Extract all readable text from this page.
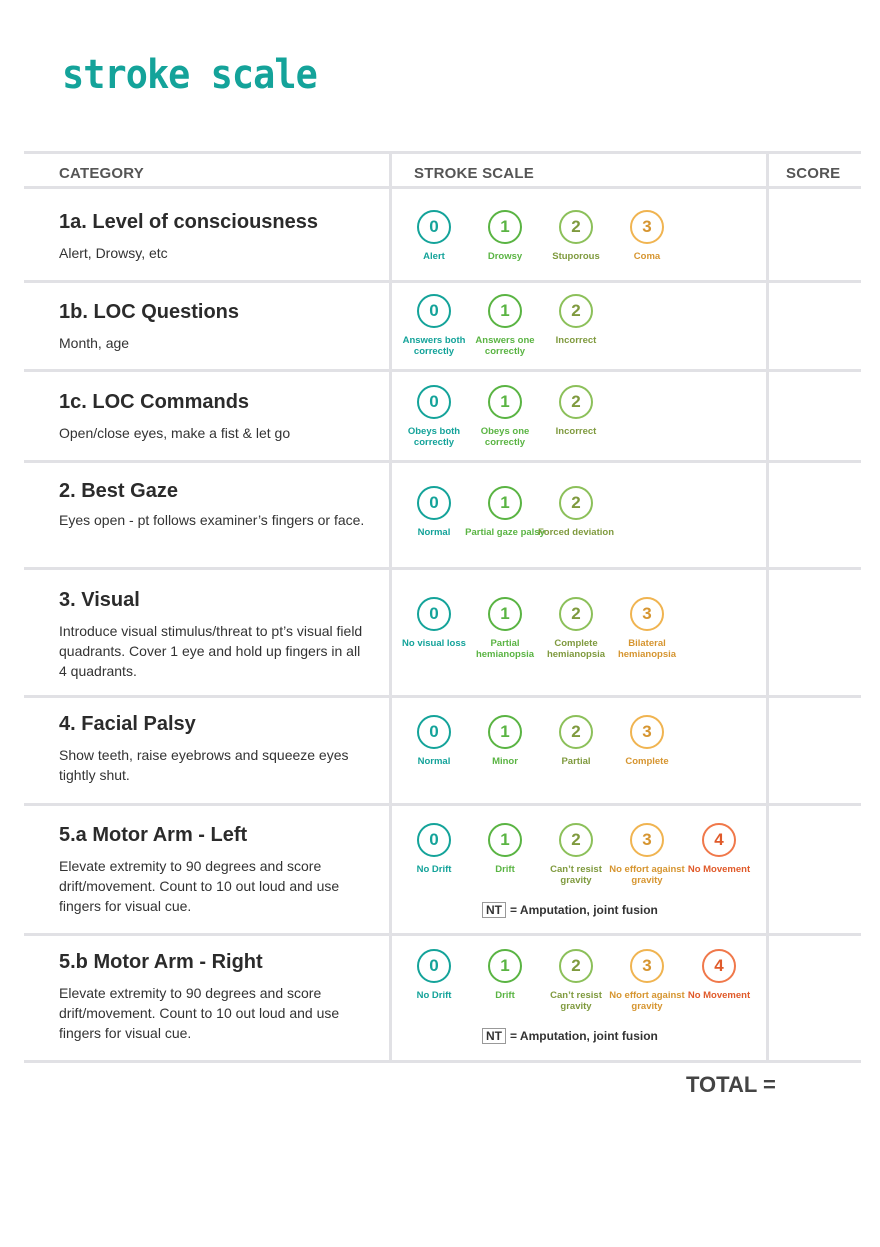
stroke scale
CATEGORY	STROKE SCALE	SCORE
1a. Level of consciousness
Alert, Drowsy, etc
0
Alert
1
Drowsy
2
Stuporous
3
Coma
1b. LOC Questions
Month, age
0
Answers both correctly
1
Answers one correctly
2
Incorrect
1c. LOC Commands
Open/close eyes, make a fist & let go
0
Obeys both correctly
1
Obeys one correctly
2
Incorrect
2. Best Gaze
Eyes open - pt follows examiner’s fingers or face.
0
Normal
1
Partial gaze palsy
2
Forced deviation
3. Visual
Introduce visual stimulus/threat to pt’s visual field quadrants. Cover 1 eye and hold up fingers in all 4 quadrants.
0
No visual loss
1
Partial hemianopsia
2
Complete hemianopsia
3
Bilateral hemianopsia
4. Facial Palsy
Show teeth, raise eyebrows and squeeze eyes tightly shut.
0
Normal
1
Minor
2
Partial
3
Complete
5.a Motor Arm - Left
Elevate extremity to 90 degrees and score drift/movement. Count to 10 out loud and use fingers for visual cue.
0
No Drift
1
Drift
2
Can’t resist gravity
3
No effort against gravity
4
No Movement
NT = Amputation, joint fusion
5.b Motor Arm - Right
Elevate extremity to 90 degrees and score drift/movement. Count to 10 out loud and use fingers for visual cue.
0
No Drift
1
Drift
2
Can’t resist gravity
3
No effort against gravity
4
No Movement
NT = Amputation, joint fusion
TOTAL =
